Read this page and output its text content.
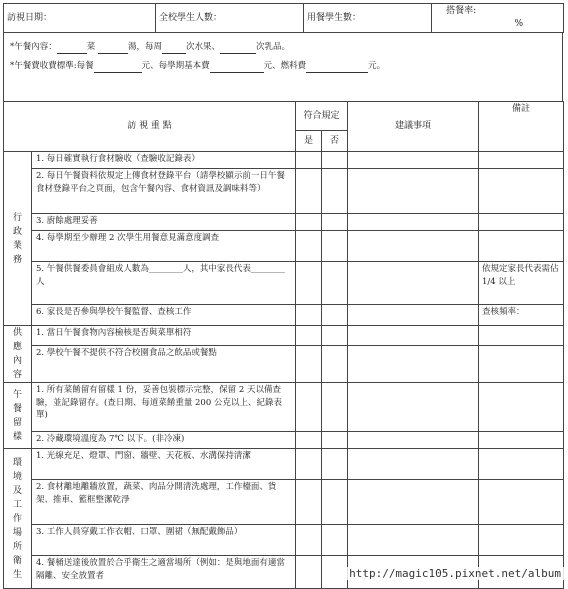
訪視日期：	全校學生人數：	用餐學生數：	搭餐率:  %
*午餐內容：	菜	湯，每周	次水果、	次乳品。
*午餐費收費標準:每餐	元、每學期基本費	元、燃料費	元。
訪 視 重 點		符合規定		建議事項	備註
		是	否		

行政業務	1. 每日確實執行食材驗收（查驗收記錄表）				
	2. 每日午餐資料依規定上傳食材登錄平台（請學校顯示前一日午餐食材登錄平台之頁面，包含午餐內容、食材資訊及調味料等）				
	3. 廚餘處理妥善				
	4. 每學期至少辦理 2 次學生用餐意見滿意度調查				
	5. 午餐供餐委員會組成人數為________人，其中家長代表________人				依規定家長代表需佔 1/4 以上
	6. 家長是否參與學校午餐監督、查核工作				查核頻率：

供應內容	1. 當日午餐食物內容檢核是否與菜單相符				
	2. 學校午餐不提供不符合校園食品之飲品或餐點				

午餐留樣	1. 所有菜餚留有留樣 1 份，妥善包裝標示完整，保留 2 天以備查驗，並記錄留存。(查日期、每道菜餚重量 200 公克以上、紀錄表單)				
	2. 冷藏環境溫度為 7℃ 以下。(非冷凍)				

環境及工作場所衛生	1. 光線充足、燈罩、門窗、牆壁、天花板、水溝保持清潔				
	2. 食材離地離牆放置，蔬菜、肉品分開清洗處理，工作檯面、貨架、推車、籃框整潔乾淨				
	3. 工作人員穿戴工作衣帽、口罩、圍裙（無配戴飾品）				
	4. 餐桶送達後放置於合乎衛生之適當場所（例如：是與地面有適當隔離、安全放置者					http://magic105.pixnet.net/album
